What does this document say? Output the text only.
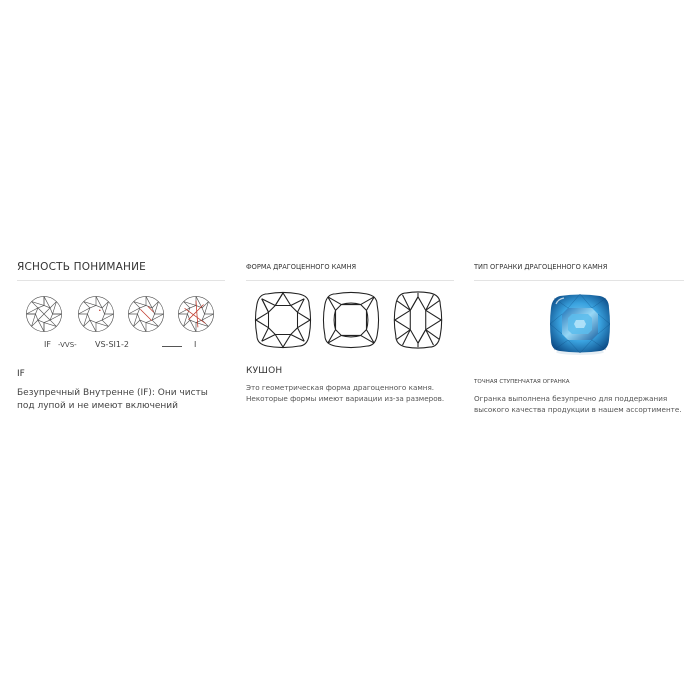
ЯСНОСТЬ ПОНИМАНИЕ
IF -VVS- VS-SI1-2	I
IF
Безупречный Внутренне (IF): Они чисты под лупой и не имеют включений
ФОРМА ДРАГОЦЕННОГО КАМНЯ
КУШОН
Это геометрическая форма драгоценного камня. Некоторые формы имеют вариации из-за размеров.
ТИП ОГРАНКИ ДРАГОЦЕННОГО КАМНЯ
ТОЧНАЯ СТУПЕНЧАТАЯ ОГРАНКА
Огранка выполнена безупречно для поддержания высокого качества продукции в нашем ассортименте.
